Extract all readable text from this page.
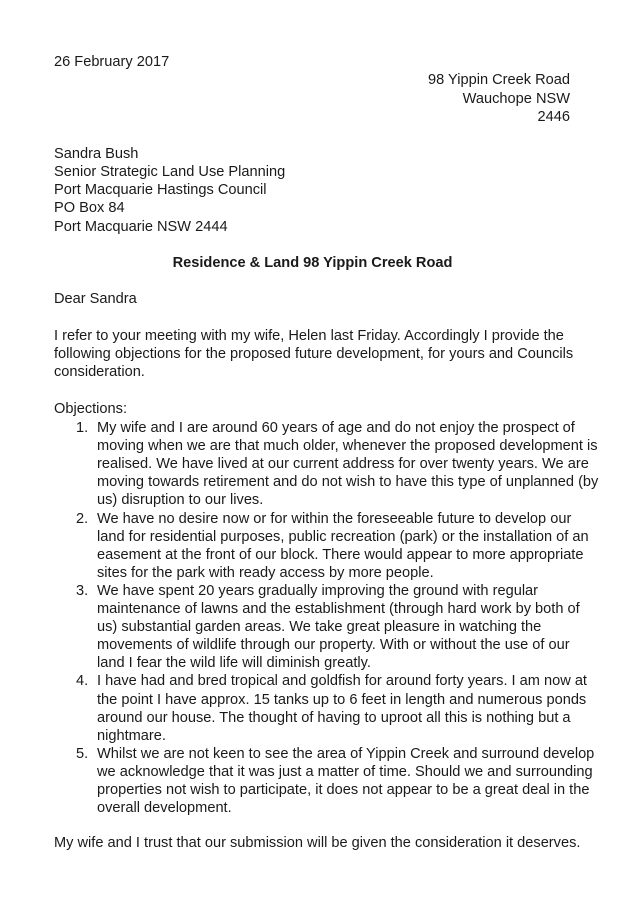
26 February 2017
98 Yippin Creek Road
Wauchope NSW
2446
Sandra Bush
Senior Strategic Land Use Planning
Port Macquarie Hastings Council
PO Box 84
Port Macquarie NSW 2444
Residence & Land 98 Yippin Creek Road
Dear Sandra
I refer to your meeting with my wife, Helen last Friday. Accordingly I provide the
following objections for the proposed future development, for yours and Councils
consideration.
Objections:
1. My wife and I are around 60 years of age and do not enjoy the prospect of
moving when we are that much older, whenever the proposed development is
realised. We have lived at our current address for over twenty years. We are
moving towards retirement and do not wish to have this type of unplanned (by
us) disruption to our lives.
2. We have no desire now or for within the foreseeable future to develop our
land for residential purposes, public recreation (park) or the installation of an
easement at the front of our block. There would appear to more appropriate
sites for the park with ready access by more people.
3. We have spent 20 years gradually improving the ground with regular
maintenance of lawns and the establishment (through hard work by both of
us) substantial garden areas. We take great pleasure in watching the
movements of wildlife through our property. With or without the use of our
land I fear the wild life will diminish greatly.
4. I have had and bred tropical and goldfish for around forty years. I am now at
the point I have approx. 15 tanks up to 6 feet in length and numerous ponds
around our house. The thought of having to uproot all this is nothing but a
nightmare.
5. Whilst we are not keen to see the area of Yippin Creek and surround develop
we acknowledge that it was just a matter of time. Should we and surrounding
properties not wish to participate, it does not appear to be a great deal in the
overall development.
My wife and I trust that our submission will be given the consideration it deserves.
